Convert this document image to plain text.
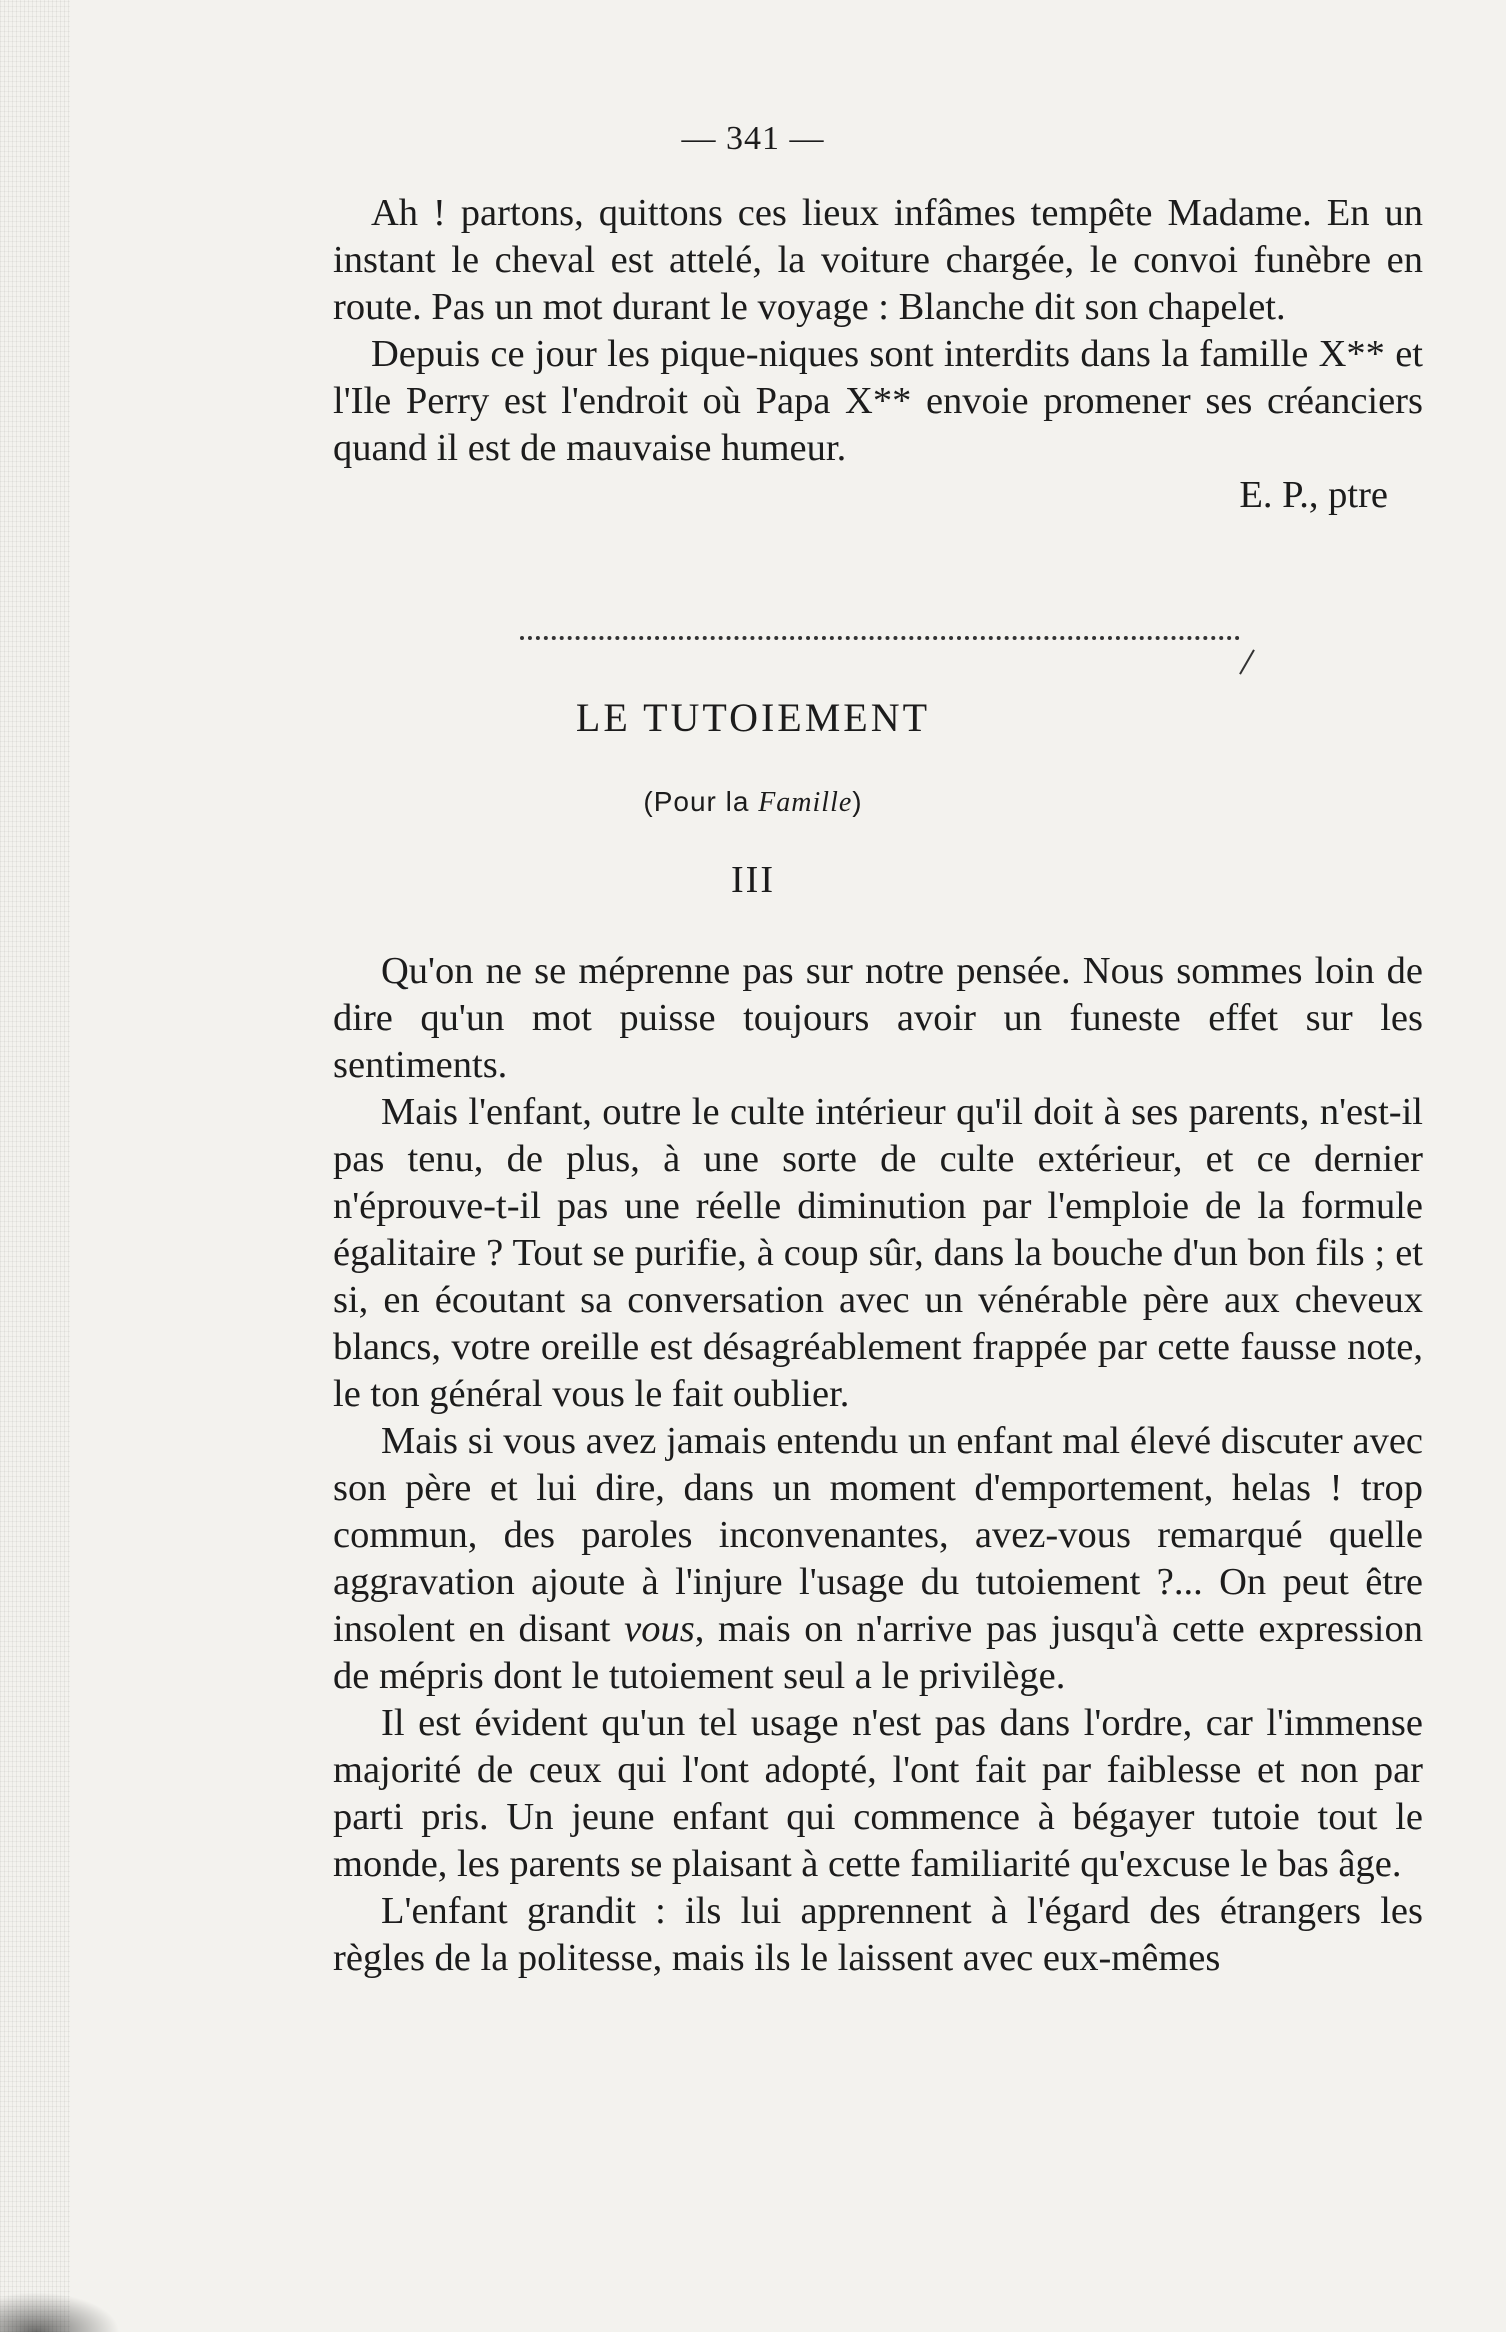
— 341 —

Ah ! partons, quittons ces lieux infâmes tempête Madame. En un instant le cheval est attelé, la voiture chargée, le convoi funèbre en route. Pas un mot durant le voyage : Blanche dit son chapelet.

Depuis ce jour les pique-niques sont interdits dans la famille X** et l'Ile Perry est l'endroit où Papa X** envoie promener ses créanciers quand il est de mauvaise humeur.

E. P., ptre

LE TUTOIEMENT
(Pour la Famille)
III

Qu'on ne se méprenne pas sur notre pensée. Nous sommes loin de dire qu'un mot puisse toujours avoir un funeste effet sur les sentiments.

Mais l'enfant, outre le culte intérieur qu'il doit à ses parents, n'est-il pas tenu, de plus, à une sorte de culte extérieur, et ce dernier n'éprouve-t-il pas une réelle diminution par l'emploie de la formule égalitaire ? Tout se purifie, à coup sûr, dans la bouche d'un bon fils ; et si, en écoutant sa conversation avec un vénérable père aux cheveux blancs, votre oreille est désagréablement frappée par cette fausse note, le ton général vous le fait oublier.

Mais si vous avez jamais entendu un enfant mal élevé discuter avec son père et lui dire, dans un moment d'emportement, helas ! trop commun, des paroles inconvenantes, avez-vous remarqué quelle aggravation ajoute à l'injure l'usage du tutoiement ?... On peut être insolent en disant vous, mais on n'arrive pas jusqu'à cette expression de mépris dont le tutoiement seul a le privilège.

Il est évident qu'un tel usage n'est pas dans l'ordre, car l'immense majorité de ceux qui l'ont adopté, l'ont fait par faiblesse et non par parti pris. Un jeune enfant qui commence à bégayer tutoie tout le monde, les parents se plaisant à cette familiarité qu'excuse le bas âge.

L'enfant grandit : ils lui apprennent à l'égard des étrangers les règles de la politesse, mais ils le laissent avec eux-mêmes
